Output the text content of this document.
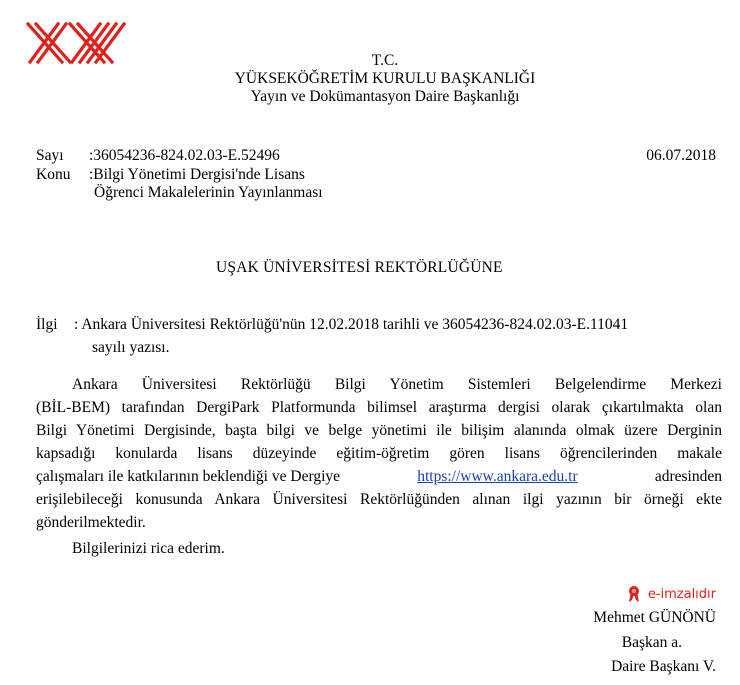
T.C.
YÜKSEKÖĞRETİM KURULU BAŞKANLIĞI
Yayın ve Dokümantasyon Daire Başkanlığı
Sayı :36054236-824.02.03-E.52496	06.07.2018
Konu :Bilgi Yönetimi Dergisi'nde Lisans
Öğrenci Makalelerinin Yayınlanması
UŞAK ÜNİVERSİTESİ REKTÖRLÜĞÜNE
İlgi : Ankara Üniversitesi Rektörlüğü'nün 12.02.2018 tarihli ve 36054236-824.02.03-E.11041
sayılı yazısı.
Ankara Üniversitesi Rektörlüğü Bilgi Yönetim Sistemleri Belgelendirme Merkezi
(BİL-BEM) tarafından DergiPark Platformunda bilimsel araştırma dergisi olarak çıkartılmakta olan
Bilgi Yönetimi Dergisinde, başta bilgi ve belge yönetimi ile bilişim alanında olmak üzere Derginin
kapsadığı konularda lisans düzeyinde eğitim-öğretim gören lisans öğrencilerinden makale
çalışmaları ile katkılarının beklendiği ve Dergiye	https://www.ankara.edu.tr	adresinden
erişilebileceği konusunda Ankara Üniversitesi Rektörlüğünden alınan ilgi yazının bir örneği ekte
gönderilmektedir.
Bilgilerinizi rica ederim.
e-imzalıdır
Mehmet GÜNÖNÜ
Başkan a.
Daire Başkanı V.
